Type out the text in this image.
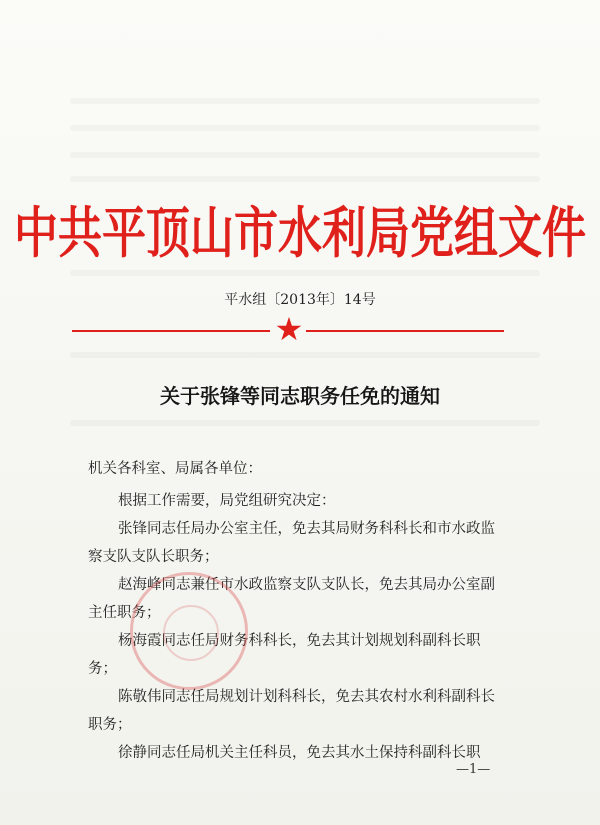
中共平顶山市水利局党组文件
平水组〔2013年〕14号
★
关于张锋等同志职务任免的通知
机关各科室、局属各单位：
根据工作需要，局党组研究决定：
张锋同志任局办公室主任，免去其局财务科科长和市水政监
察支队支队长职务；
赵海峰同志兼任市水政监察支队支队长，免去其局办公室副
主任职务；
杨海霞同志任局财务科科长，免去其计划规划科副科长职
务；
陈敬伟同志任局规划计划科科长，免去其农村水利科副科长
职务；
徐静同志任局机关主任科员，免去其水土保持科副科长职
—1—
